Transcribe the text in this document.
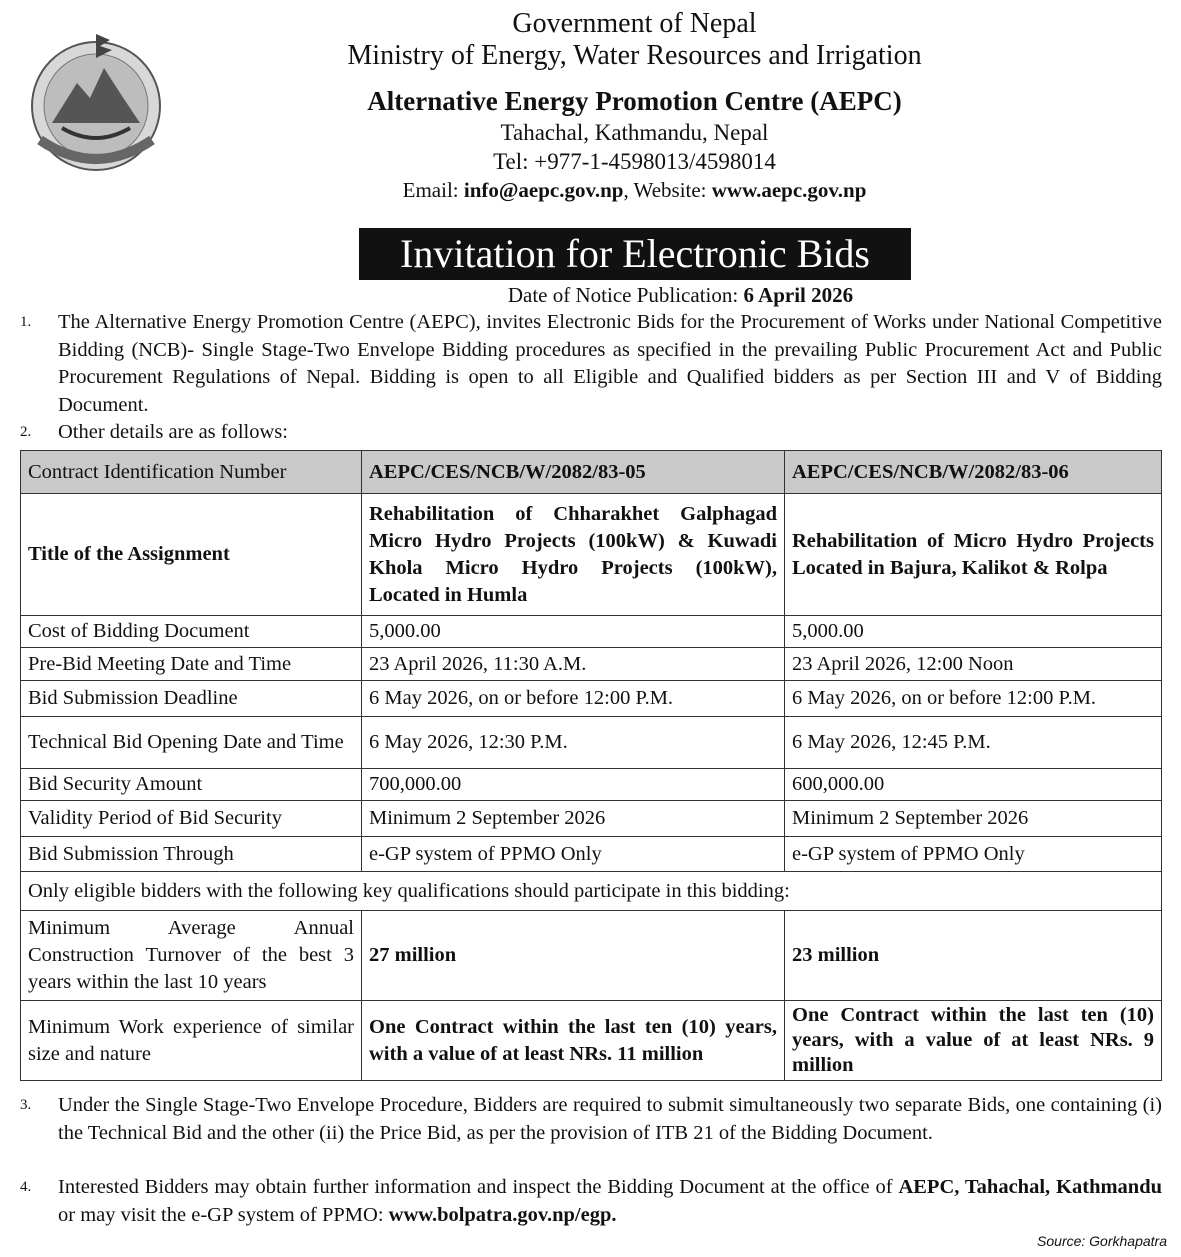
Government of Nepal
Ministry of Energy, Water Resources and Irrigation
Alternative Energy Promotion Centre (AEPC)
Tahachal, Kathmandu, Nepal
Tel: +977-1-4598013/4598014
Email: info@aepc.gov.np, Website: www.aepc.gov.np
Invitation for Electronic Bids
Date of Notice Publication: 6 April 2026
1.	The Alternative Energy Promotion Centre (AEPC), invites Electronic Bids for the Procurement of Works under National Competitive Bidding (NCB)- Single Stage-Two Envelope Bidding procedures as specified in the prevailing Public Procurement Act and Public Procurement Regulations of Nepal. Bidding is open to all Eligible and Qualified bidders as per Section III and V of Bidding Document.
2.	Other details are as follows:
Contract Identification Number	AEPC/CES/NCB/W/2082/83-05	AEPC/CES/NCB/W/2082/83-06
Title of the Assignment	Rehabilitation of Chharakhet Galphagad Micro Hydro Projects (100kW) & Kuwadi Khola Micro Hydro Projects (100kW), Located in Humla	Rehabilitation of Micro Hydro Projects Located in Bajura, Kalikot & Rolpa
Cost of Bidding Document	5,000.00	5,000.00
Pre-Bid Meeting Date and Time	23 April 2026, 11:30 A.M.	23 April 2026, 12:00 Noon
Bid Submission Deadline	6 May 2026, on or before 12:00 P.M.	6 May 2026, on or before 12:00 P.M.
Technical Bid Opening Date and Time	6 May 2026, 12:30 P.M.	6 May 2026, 12:45 P.M.
Bid Security Amount	700,000.00	600,000.00
Validity Period of Bid Security	Minimum 2 September 2026	Minimum 2 September 2026
Bid Submission Through	e-GP system of PPMO Only	e-GP system of PPMO Only
Only eligible bidders with the following key qualifications should participate in this bidding:		
Minimum Average Annual Construction Turnover of the best 3 years within the last 10 years	27 million	23 million
Minimum Work experience of similar size and nature	One Contract within the last ten (10) years, with a value of at least NRs. 11 million	One Contract within the last ten (10) years, with a value of at least NRs. 9 million
3.	Under the Single Stage-Two Envelope Procedure, Bidders are required to submit simultaneously two separate Bids, one containing (i) the Technical Bid and the other (ii) the Price Bid, as per the provision of ITB 21 of the Bidding Document.
4.	Interested Bidders may obtain further information and inspect the Bidding Document at the office of AEPC, Tahachal, Kathmandu or may visit the e-GP system of PPMO: www.bolpatra.gov.np/egp.
Source: Gorkhapatra
